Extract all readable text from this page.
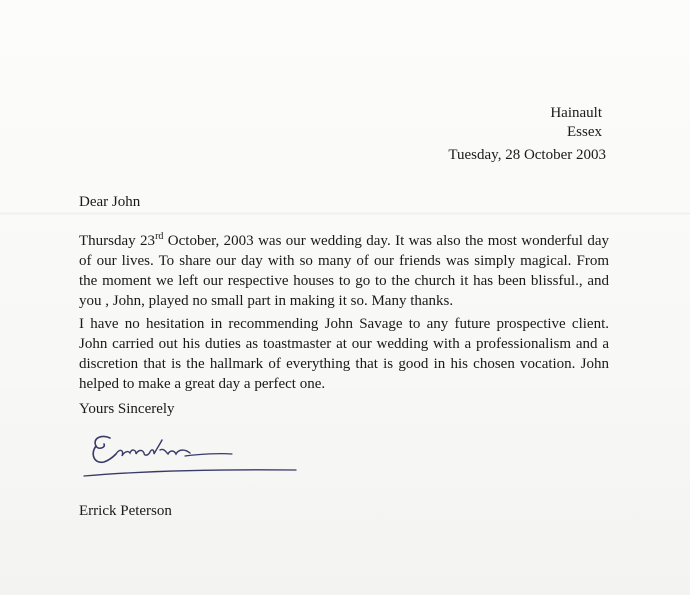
Hainault
Essex
Tuesday, 28 October 2003
Dear John
Thursday 23rd October, 2003 was our wedding day. It was also the most wonderful day of our lives. To share our day with so many of our friends was simply magical. From the moment we left our respective houses to go to the church it has been blissful., and you , John, played no small part in making it so. Many thanks.
I have no hesitation in recommending John Savage to any future prospective client. John carried out his duties as toastmaster at our wedding with a professionalism and a discretion that is the hallmark of everything that is good in his chosen vocation. John helped to make a great day a perfect one.
Yours Sincerely
Errick Peterson
